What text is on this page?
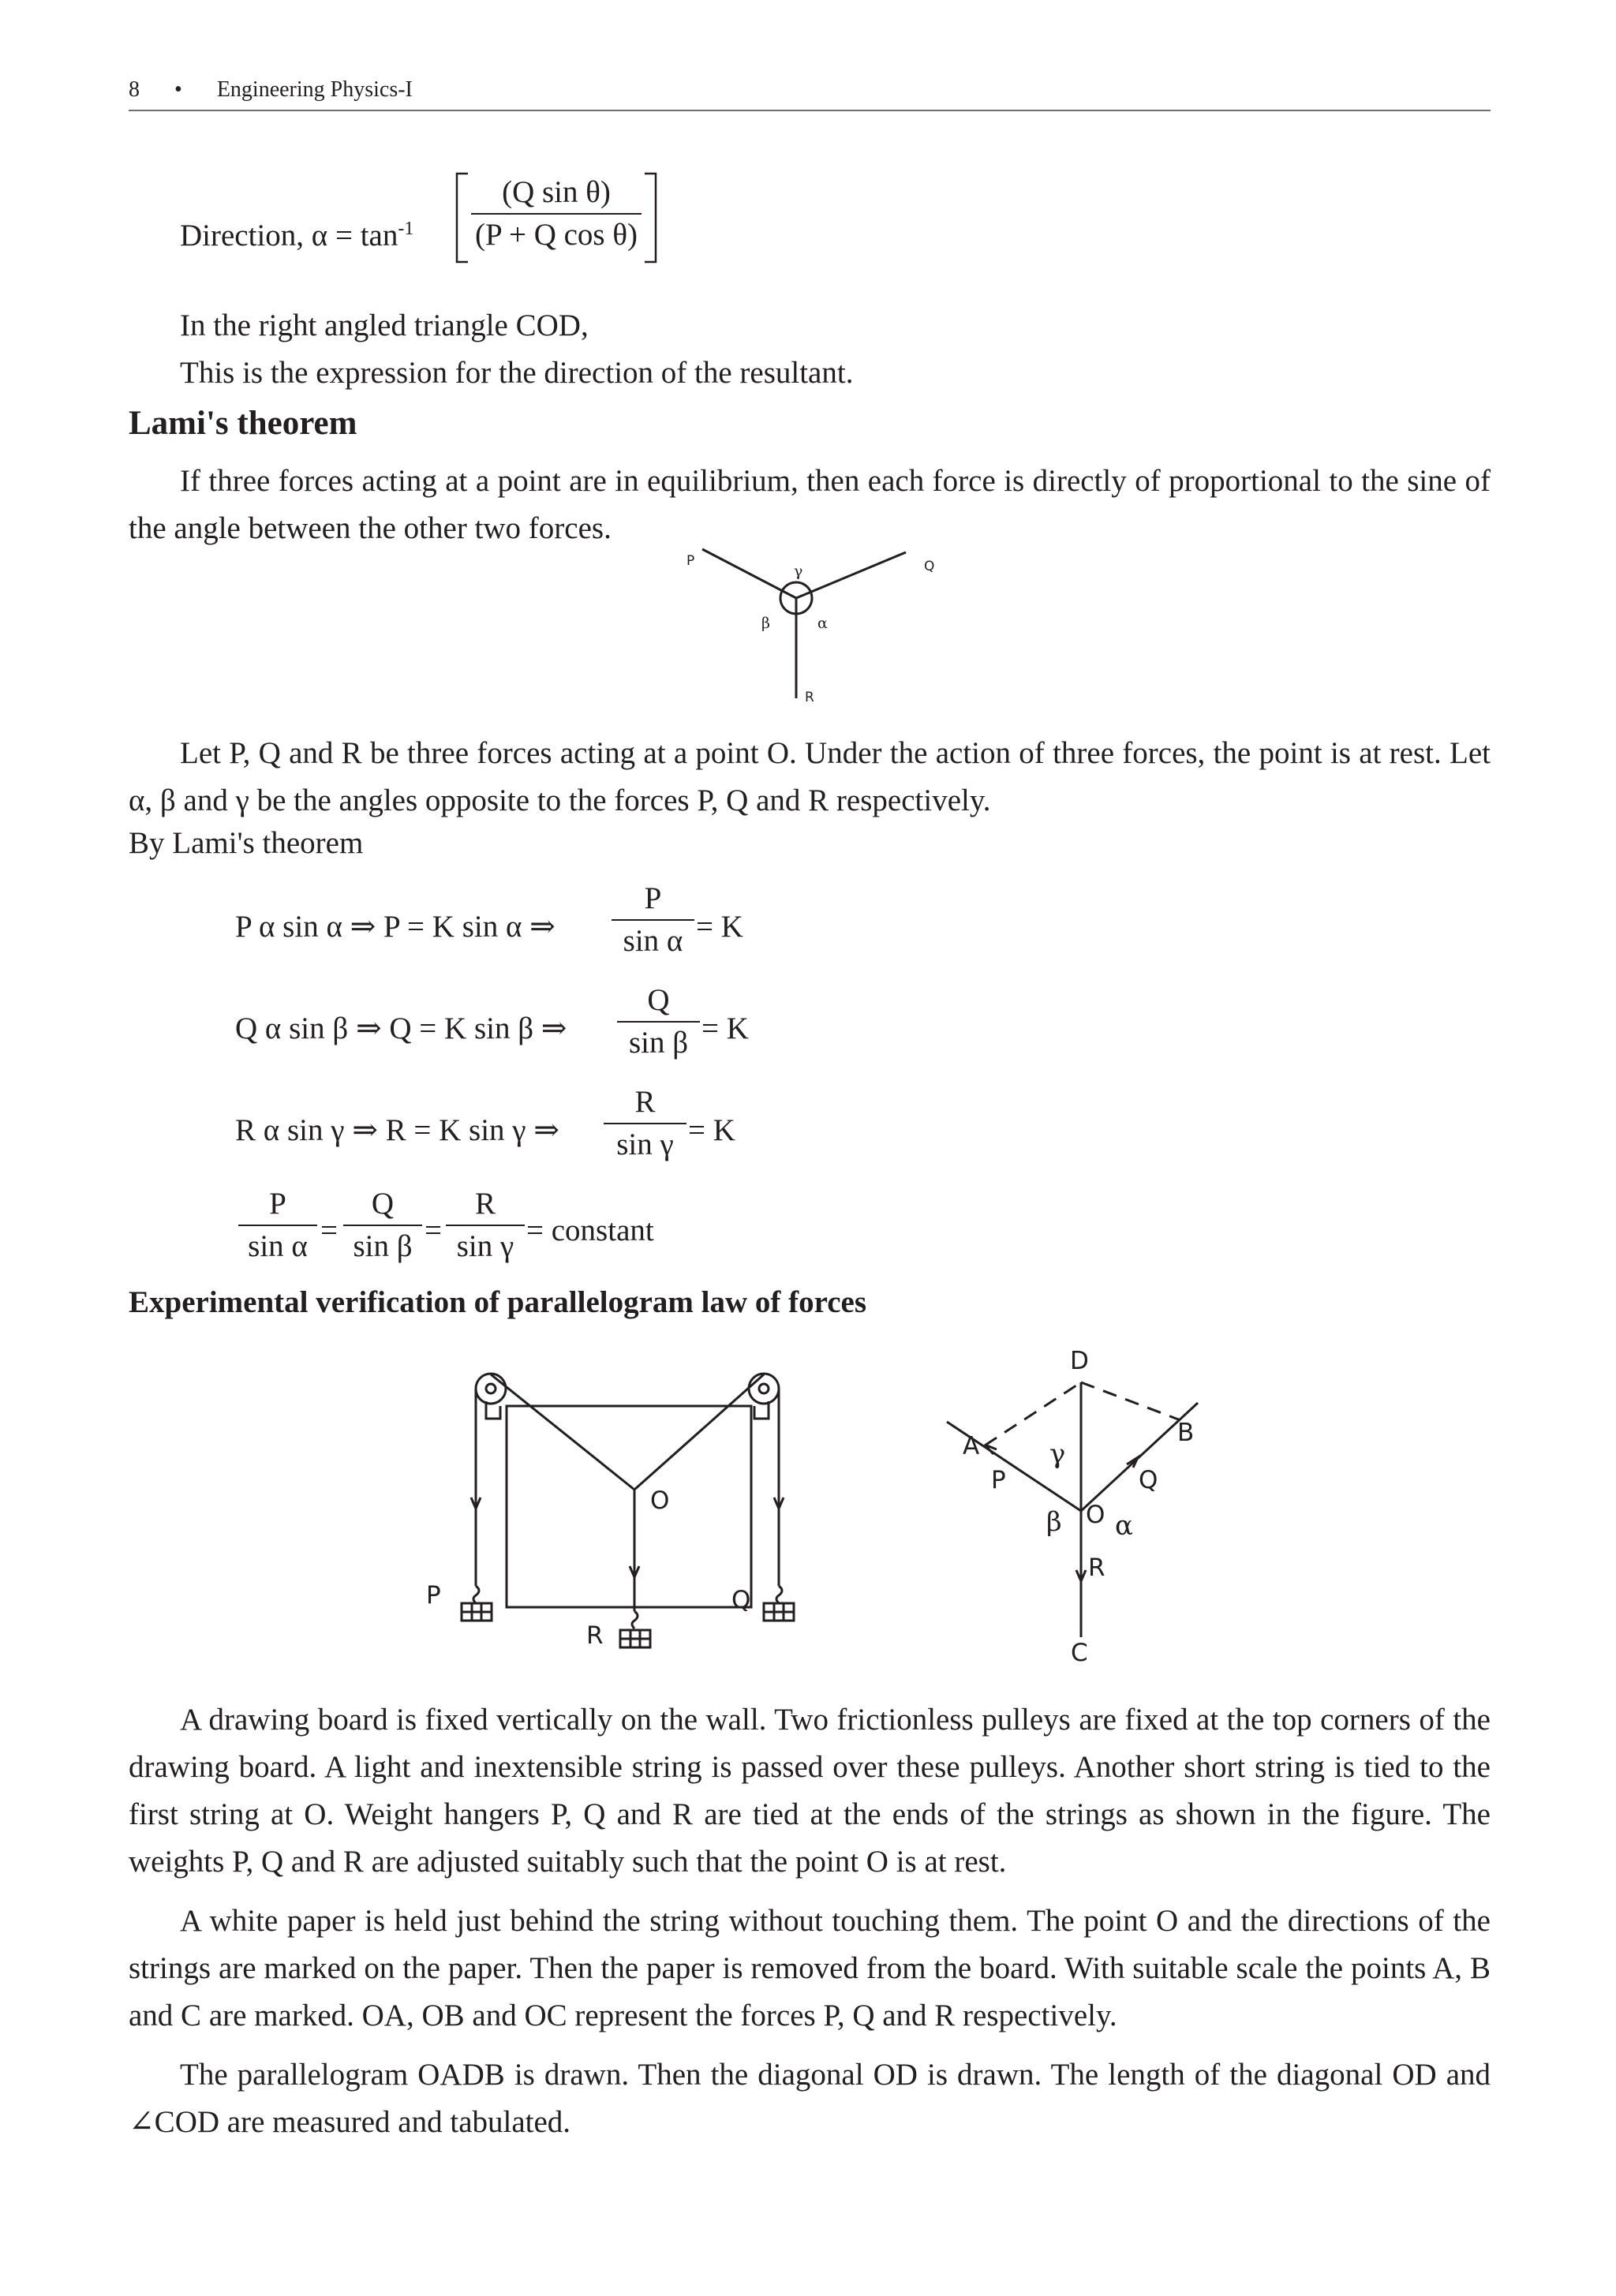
8 • Engineering Physics-I
Direction, $\alpha = \tan^{-1}$
(Q sin θ)
(P + Q cos θ)
In the right angled triangle COD,
This is the expression for the direction of the resultant.
Lami's theorem
If three forces acting at a point are in equilibrium, then each force is directly of proportional to the sine of the angle between the other two forces.
P	Q
R
γ
β	α
Let P, Q and R be three forces acting at a point O. Under the action of three forces, the point is at rest. Let α, β and γ be the angles opposite to the forces P, Q and R respectively.
By Lami's theorem
P α sin α ⇒ P = K sin α ⇒
P
sin α = K
Q α sin β ⇒ Q = K sin β ⇒
Q
sin β = K
R α sin γ ⇒ R = K sin γ ⇒
R
sin γ = K
P
sin α =
Q
sin β =
R
sin γ = constant
Experimental verification of parallelogram law of forces
O
P	Q
R
D
A	B
C
O
P	Q
R
γ
β α
A drawing board is fixed vertically on the wall. Two frictionless pulleys are fixed at the top corners of the drawing board. A light and inextensible string is passed over these pulleys. Another short string is tied to the first string at O. Weight hangers P, Q and R are tied at the ends of the strings as shown in the figure. The weights P, Q and R are adjusted suitably such that the point O is at rest.
A white paper is held just behind the string without touching them. The point O and the directions of the strings are marked on the paper. Then the paper is removed from the board. With suitable scale the points A, B and C are marked. OA, OB and OC represent the forces P, Q and R respectively.
The parallelogram OADB is drawn. Then the diagonal OD is drawn. The length of the diagonal OD and ∠COD are measured and tabulated.
